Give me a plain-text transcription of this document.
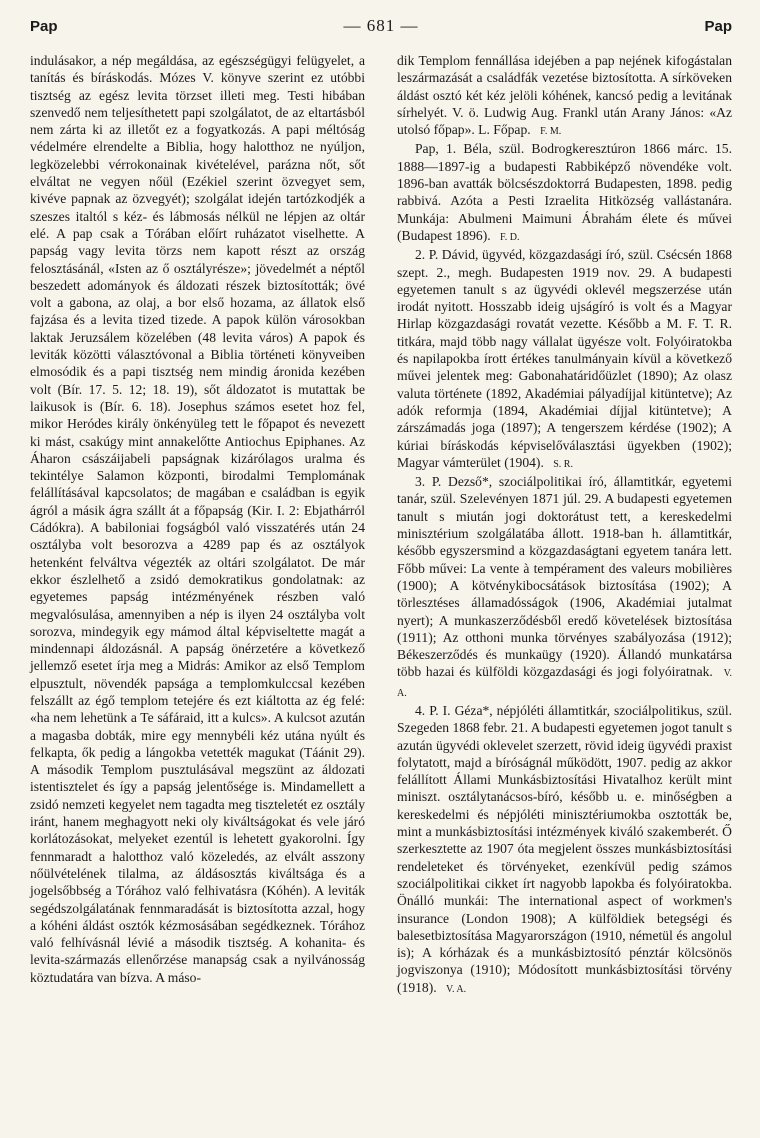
Pap	— 681 —	Pap

indulásakor, a nép megáldása, az egészségügyi felügyelet, a tanítás és bíráskodás. Mózes V. könyve szerint ez utóbbi tisztség az egész levita törzset illeti meg. Testi hibában szenvedő nem teljesíthetett papi szolgálatot, de az eltartásból nem zárta ki az illetőt ez a fogyatkozás. A papi méltóság védelmére elrendelte a Biblia, hogy halotthoz ne nyúljon, legközelebbi vérrokonainak kivételével, parázna nőt, sőt elváltat ne vegyen nőül (Ezékiel szerint özvegyet sem, kivéve papnak az özvegyét); szolgálat idején tartózkodjék a szeszes italtól s kéz- és lábmosás nélkül ne lépjen az oltár elé. A pap csak a Tórában előírt ruházatot viselhette. A papság vagy levita törzs nem kapott részt az ország felosztásánál, «Isten az ő osztályrésze»; jövedelmét a néptől beszedett adományok és áldozati részek biztosították; övé volt a gabona, az olaj, a bor első hozama, az állatok első fajzása és a levita tized tizede. A papok külön városokban laktak Jeruzsálem közelében (48 levita város) A papok és leviták közötti választóvonal a Biblia történeti könyveiben elmosódik és a papi tisztség nem mindig áronida kezében volt (Bír. 17. 5. 12; 18. 19), sőt áldozatot is mutattak be laikusok is (Bír. 6. 18). Josephus számos esetet hoz fel, mikor Heródes király önkényüleg tett le főpapot és nevezett ki mást, csakúgy mint annakelőtte Antiochus Epiphanes. Az Áharon császáijabeli papságnak kizárólagos uralma és tekintélye Salamon központi, birodalmi Templomának felállításával kapcsolatos; de magában e családban is egyik ágról a másik ágra szállt át a főpapság (Kir. I. 2: Ebjathárról Cádókra). A babiloniai fogságból való visszatérés után 24 osztályba volt besorozva a 4289 pap és az osztályok hetenként felváltva végezték az oltári szolgálatot. De már ekkor észlelhető a zsidó demokratikus gondolatnak: az egyetemes papság intézményének részben való megvalósulása, amennyiben a nép is ilyen 24 osztályba volt sorozva, mindegyik egy mámod által képviseltette magát a mindennapi áldozásnál. A papság önérzetére a következő jellemző esetet írja meg a Midrás: Amikor az első Templom elpusztult, növendék papsága a templomkulccsal kezében felszállt az égő templom tetejére és ezt kiáltotta az ég felé: «ha nem lehetünk a Te sáfáraid, itt a kulcs». A kulcsot azután a magasba dobták, mire egy mennybéli kéz utána nyúlt és felkapta, ők pedig a lángokba vetették magukat (Táánit 29). A második Templom pusztulásával megszünt az áldozati istentisztelet és így a papság jelentősége is. Mindamellett a zsidó nemzeti kegyelet nem tagadta meg tiszteletét ez osztály iránt, hanem meghagyott neki oly kiváltságokat és vele járó korlátozásokat, melyeket ezentúl is lehetett gyakorolni. Így fennmaradt a halotthoz való közeledés, az elvált asszony nőülvételének tilalma, az áldásosztás kiváltsága és a jogelsőbbség a Tórához való felhivatásra (Kóhén). A leviták segédszolgálatának fennmaradását is biztosította azzal, hogy a kóhéni áldást osztók kézmosásában segédkeznek. Tórához való felhívásnál lévié a második tisztség. A kohanita- és levita-származás ellenőrzése manapság csak a nyilvánosság köztudatára van bízva. A máso-

dik Templom fennállása idejében a pap nejének kifogástalan leszármazását a családfák vezetése biztosította. A sírköveken áldást osztó két kéz jelöli kóhének, kancsó pedig a levitának sírhelyét. V. ö. Ludwig Aug. Frankl után Arany János: «Az utolsó főpap». L. Főpap. F. M.

Pap, 1. Béla, szül. Bodrogkeresztúron 1866 márc. 15. 1888—1897-ig a budapesti Rabbiképző növendéke volt. 1896-ban avatták bölcsészdoktorrá Budapesten, 1898. pedig rabbivá. Azóta a Pesti Izraelita Hitközség vallástanára. Munkája: Abulmeni Maimuni Ábrahám élete és művei (Budapest 1896). F. D.

2. P. Dávid, ügyvéd, közgazdasági író, szül. Csécsén 1868 szept. 2., megh. Budapesten 1919 nov. 29. A budapesti egyetemen tanult s az ügyvédi oklevél megszerzése után irodát nyitott. Hosszabb ideig ujságíró is volt és a Magyar Hirlap közgazdasági rovatát vezette. Később a M. F. T. R. titkára, majd több nagy vállalat ügyésze volt. Folyóiratokba és napilapokba írott értékes tanulmányain kívül a következő művei jelentek meg: Gabonahatáridőüzlet (1890); Az olasz valuta története (1892, Akadémiai pályadíjjal kitüntetve); Az adók reformja (1894, Akadémiai díjjal kitüntetve); A zárszámadás joga (1897); A tengerszem kérdése (1902); A kúriai bíráskodás képviselőválasztási ügyekben (1902); Magyar vámterület (1904). S. R.

3. P. Dezső*, szociálpolitikai író, államtitkár, egyetemi tanár, szül. Szelevényen 1871 júl. 29. A budapesti egyetemen tanult s miután jogi doktorátust tett, a kereskedelmi minisztérium szolgálatába állott. 1918-ban h. államtitkár, később egyszersmind a közgazdaságtani egyetem tanára lett. Főbb művei: La vente à tempérament des valeurs mobilières (1900); A kötvénykibocsátások biztosítása (1902); A törlesztéses államadósságok (1906, Akadémiai jutalmat nyert); A munkaszerződésből eredő követelések biztosítása (1911); Az otthoni munka törvényes szabályozása (1912); Békeszerződés és munkaügy (1920). Állandó munkatársa több hazai és külföldi közgazdasági és jogi folyóiratnak. V. A.

4. P. I. Géza*, népjóléti államtitkár, szociálpolitikus, szül. Szegeden 1868 febr. 21. A budapesti egyetemen jogot tanult s azután ügyvédi oklevelet szerzett, rövid ideig ügyvédi praxist folytatott, majd a bíróságnál működött, 1907. pedig az akkor felállított Állami Munkásbiztosítási Hivatalhoz került mint miniszt. osztálytanácsos-bíró, később u. e. minőségben a kereskedelmi és népjóléti minisztériumokba osztották be, mint a munkásbiztosítási intézmények kiváló szakemberét. Ő szerkesztette az 1907 óta megjelent összes munkásbiztosítási rendeleteket és törvényeket, ezenkívül pedig számos szociálpolitikai cikket írt nagyobb lapokba és folyóiratokba. Önálló munkái: The international aspect of workmen's insurance (London 1908); A külföldiek betegségi és balesetbiztosítása Magyarországon (1910, németül és angolul is); A kórházak és a munkásbiztosító pénztár kölcsönös jogviszonya (1910); Módosított munkásbiztosítási törvény (1918). V. A.
